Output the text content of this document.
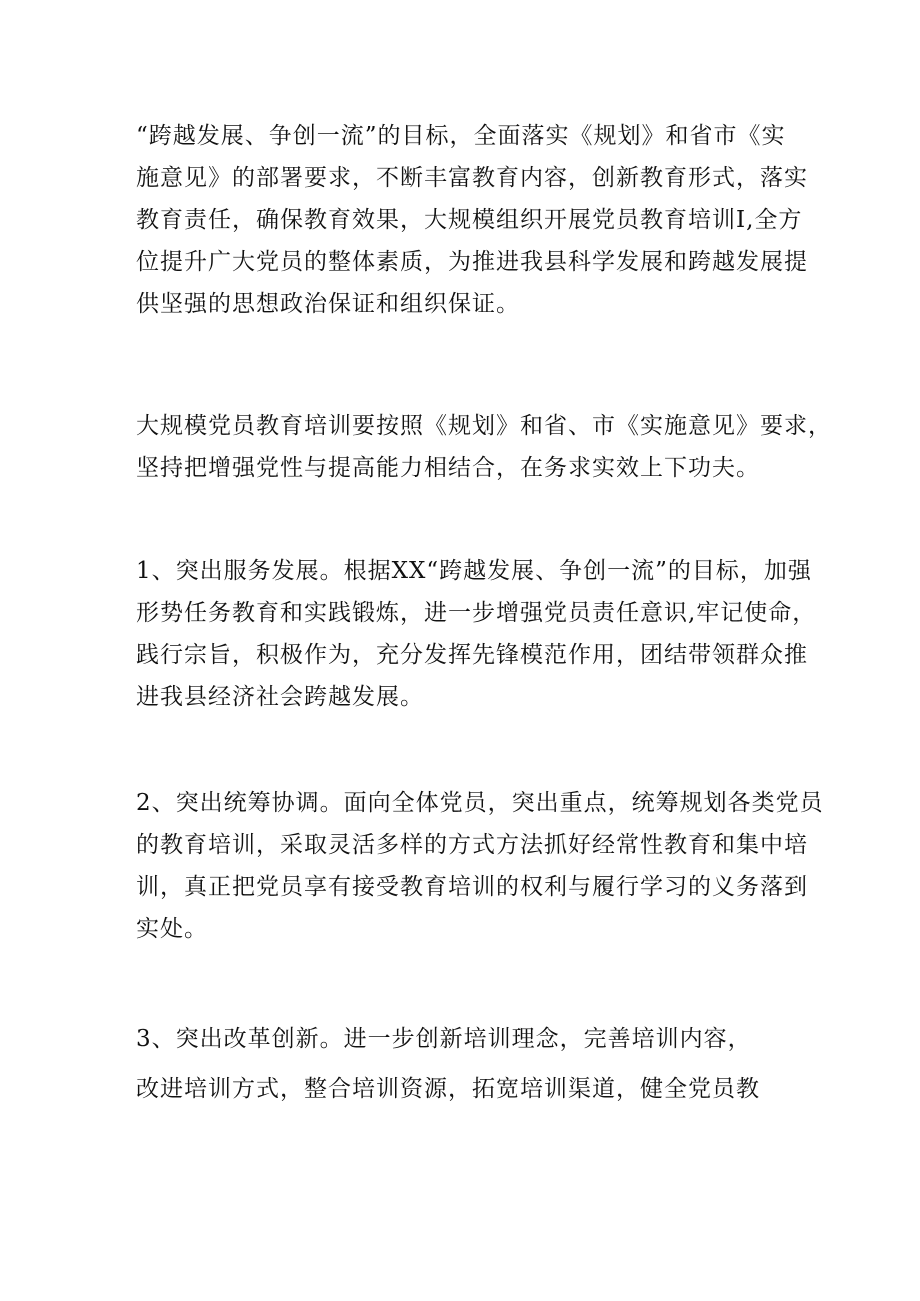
“跨越发展、争创一流”的目标，全面落实《规划》和省市《实
施意见》的部署要求，不断丰富教育内容，创新教育形式，落实
教育责任，确保教育效果，大规模组织开展党员教育培训I,全方
位提升广大党员的整体素质，为推进我县科学发展和跨越发展提
供坚强的思想政治保证和组织保证。
大规模党员教育培训要按照《规划》和省、市《实施意见》要求，
坚持把增强党性与提高能力相结合，在务求实效上下功夫。
1、突出服务发展。根据XX“跨越发展、争创一流”的目标，加强
形势任务教育和实践锻炼，进一步增强党员责任意识,牢记使命，
践行宗旨，积极作为，充分发挥先锋模范作用，团结带领群众推
进我县经济社会跨越发展。
2、突出统筹协调。面向全体党员，突出重点，统筹规划各类党员
的教育培训，采取灵活多样的方式方法抓好经常性教育和集中培
训，真正把党员享有接受教育培训的权利与履行学习的义务落到
实处。
3、突出改革创新。进一步创新培训理念，完善培训内容，
改进培训方式，整合培训资源，拓宽培训渠道，健全党员教
